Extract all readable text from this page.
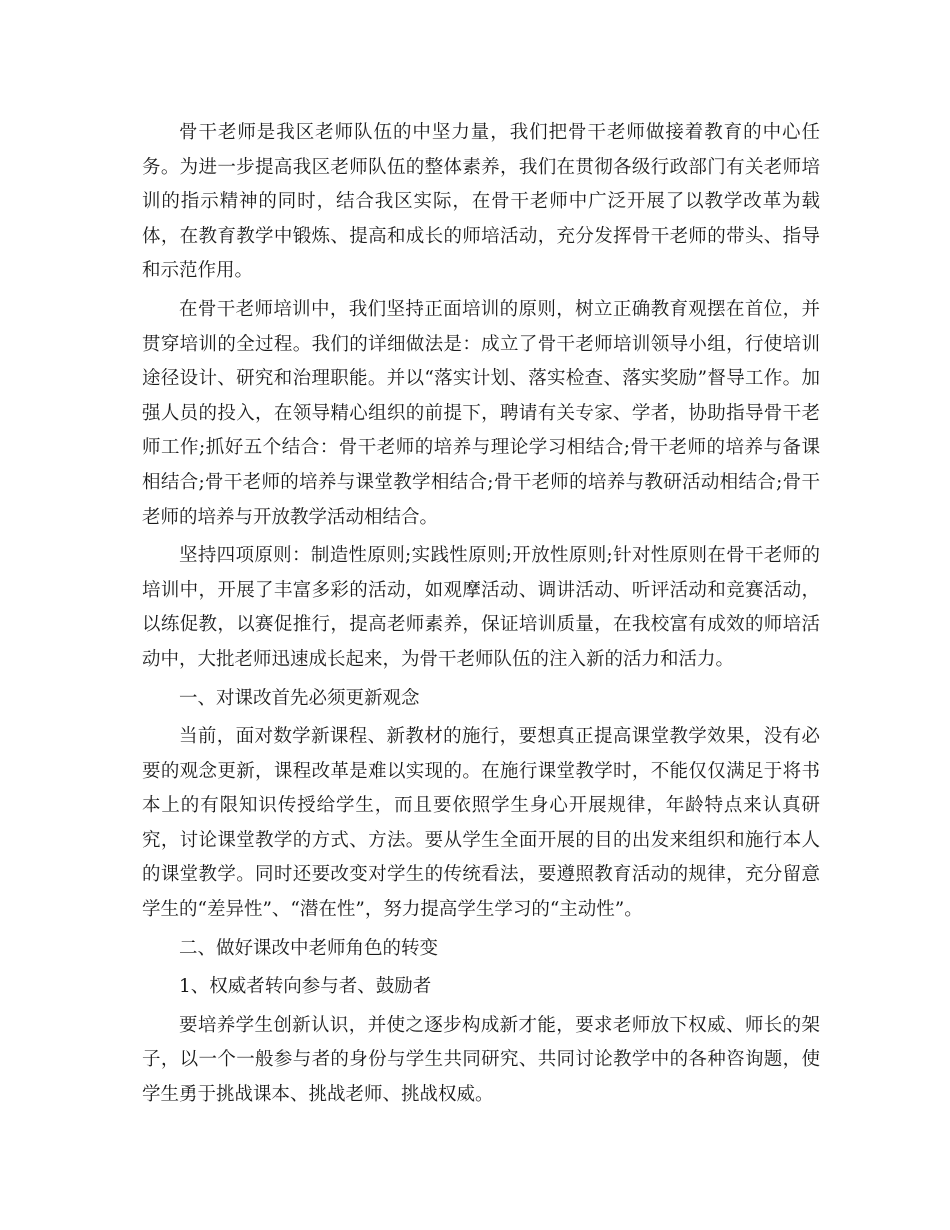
骨干老师是我区老师队伍的中坚力量，我们把骨干老师做接着教育的中心任务。为进一步提高我区老师队伍的整体素养，我们在贯彻各级行政部门有关老师培训的指示精神的同时，结合我区实际，在骨干老师中广泛开展了以教学改革为载体，在教育教学中锻炼、提高和成长的师培活动，充分发挥骨干老师的带头、指导和示范作用。

在骨干老师培训中，我们坚持正面培训的原则，树立正确教育观摆在首位，并贯穿培训的全过程。我们的详细做法是：成立了骨干老师培训领导小组，行使培训途径设计、研究和治理职能。并以“落实计划、落实检查、落实奖励”督导工作。加强人员的投入，在领导精心组织的前提下，聘请有关专家、学者，协助指导骨干老师工作;抓好五个结合：骨干老师的培养与理论学习相结合;骨干老师的培养与备课相结合;骨干老师的培养与课堂教学相结合;骨干老师的培养与教研活动相结合;骨干老师的培养与开放教学活动相结合。

坚持四项原则：制造性原则;实践性原则;开放性原则;针对性原则在骨干老师的培训中，开展了丰富多彩的活动，如观摩活动、调讲活动、听评活动和竞赛活动，以练促教，以赛促推行，提高老师素养，保证培训质量，在我校富有成效的师培活动中，大批老师迅速成长起来，为骨干老师队伍的注入新的活力和活力。

一、对课改首先必须更新观念

当前，面对数学新课程、新教材的施行，要想真正提高课堂教学效果，没有必要的观念更新，课程改革是难以实现的。在施行课堂教学时，不能仅仅满足于将书本上的有限知识传授给学生，而且要依照学生身心开展规律，年龄特点来认真研究，讨论课堂教学的方式、方法。要从学生全面开展的目的出发来组织和施行本人的课堂教学。同时还要改变对学生的传统看法，要遵照教育活动的规律，充分留意学生的“差异性”、“潜在性”，努力提高学生学习的“主动性”。

二、做好课改中老师角色的转变

1、权威者转向参与者、鼓励者

要培养学生创新认识，并使之逐步构成新才能，要求老师放下权威、师长的架子，以一个一般参与者的身份与学生共同研究、共同讨论教学中的各种咨询题，使学生勇于挑战课本、挑战老师、挑战权威。
